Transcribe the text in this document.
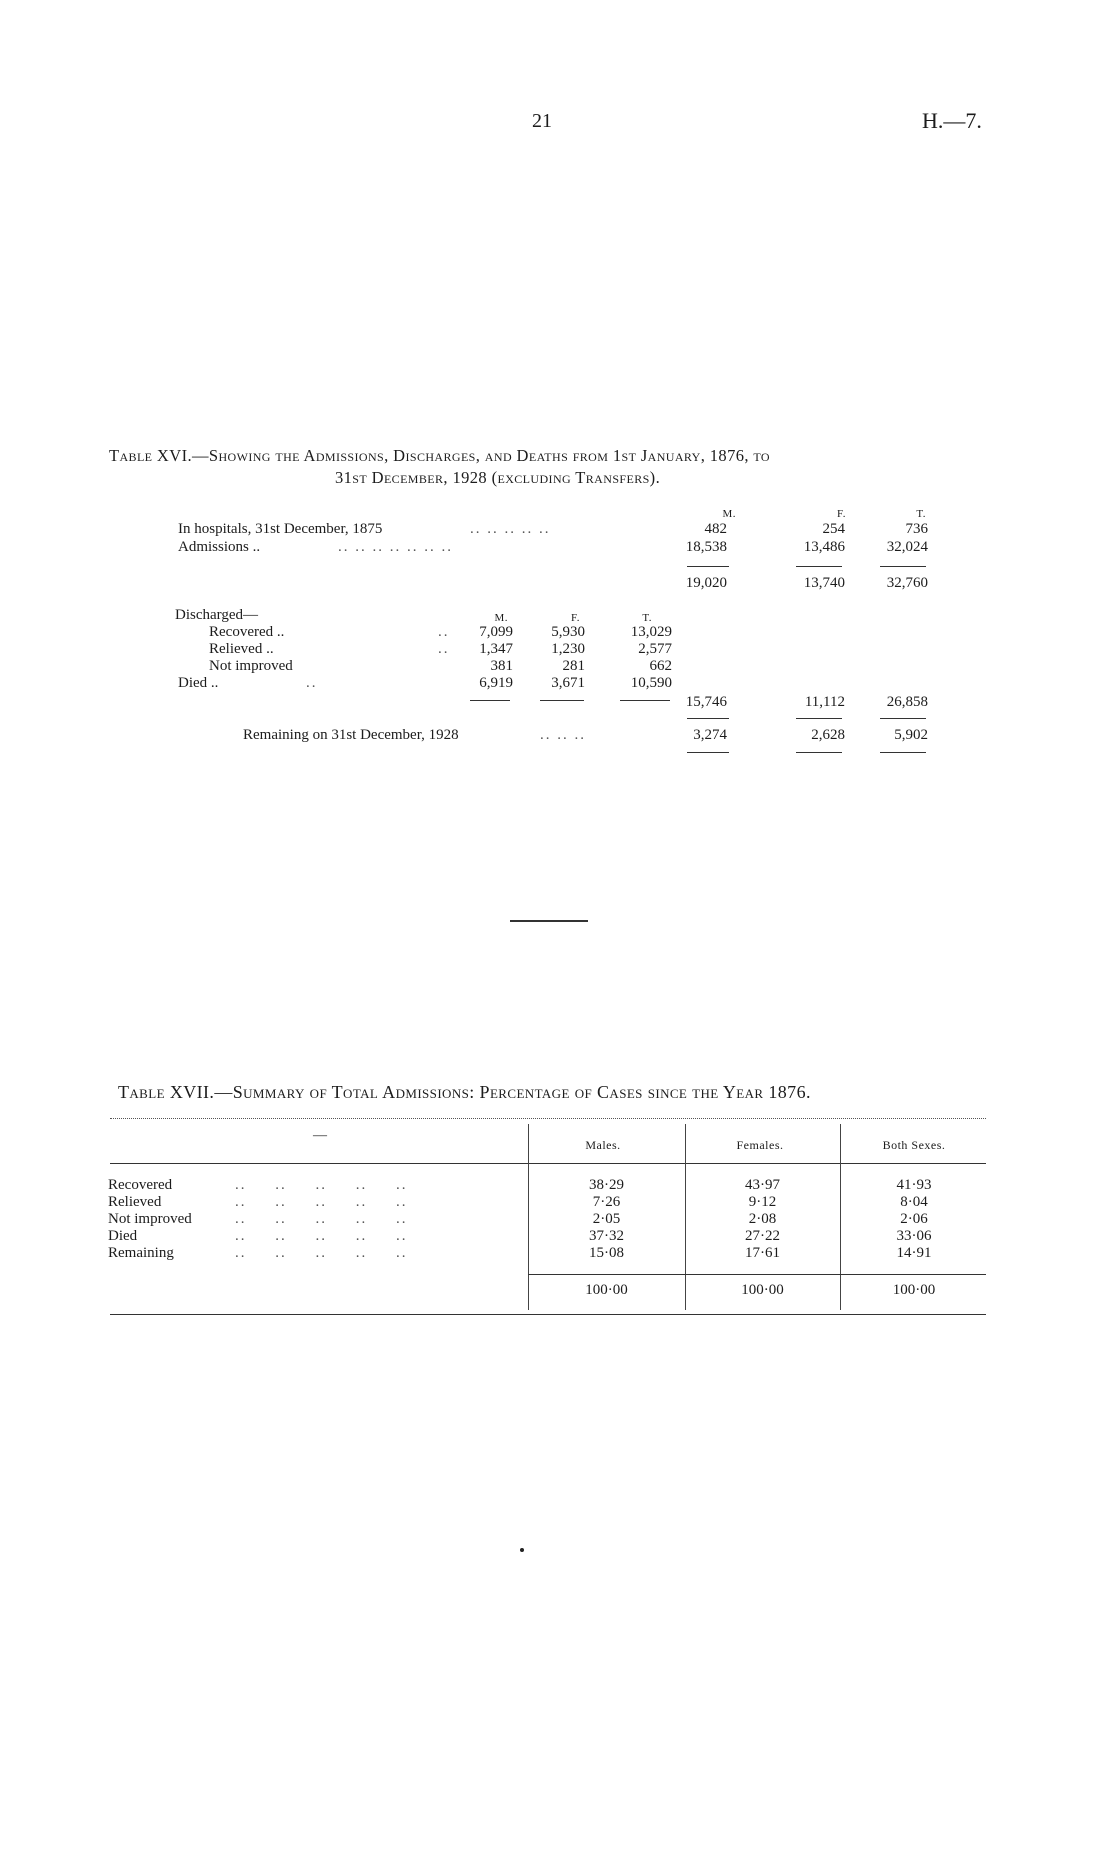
21	H.—7.
Table XVI.—Showing the Admissions, Discharges, and Deaths from 1st January, 1876, to
31st December, 1928 (excluding Transfers).
M.	F.	T.
In hospitals, 31st December, 1875	.. .. .. .. ..	482	254	736
Admissions ..	.. .. .. .. .. .. ..	18,538	13,486	32,024
19,020	13,740	32,760
Discharged—	M.	F.	T.
Recovered ..	..	7,099	5,930	13,029
Relieved ..	..	1,347	1,230	2,577
Not improved	381	281	662
Died ..	..	6,919	3,671	10,590
15,746	11,112	26,858
Remaining on 31st December, 1928	.. .. ..	3,274	2,628	5,902
Table XVII.—Summary of Total Admissions: Percentage of Cases since the Year 1876.
—
Males.	Females.	Both Sexes.
Recovered	..     ..     ..     ..     ..	38·29	43·97	41·93
Relieved	..     ..     ..     ..     ..	7·26	9·12	8·04
Not improved	..     ..     ..     ..     ..	2·05	2·08	2·06
Died	..     ..     ..     ..     ..	37·32	27·22	33·06
Remaining	..     ..     ..     ..     ..	15·08	17·61	14·91
100·00	100·00	100·00
